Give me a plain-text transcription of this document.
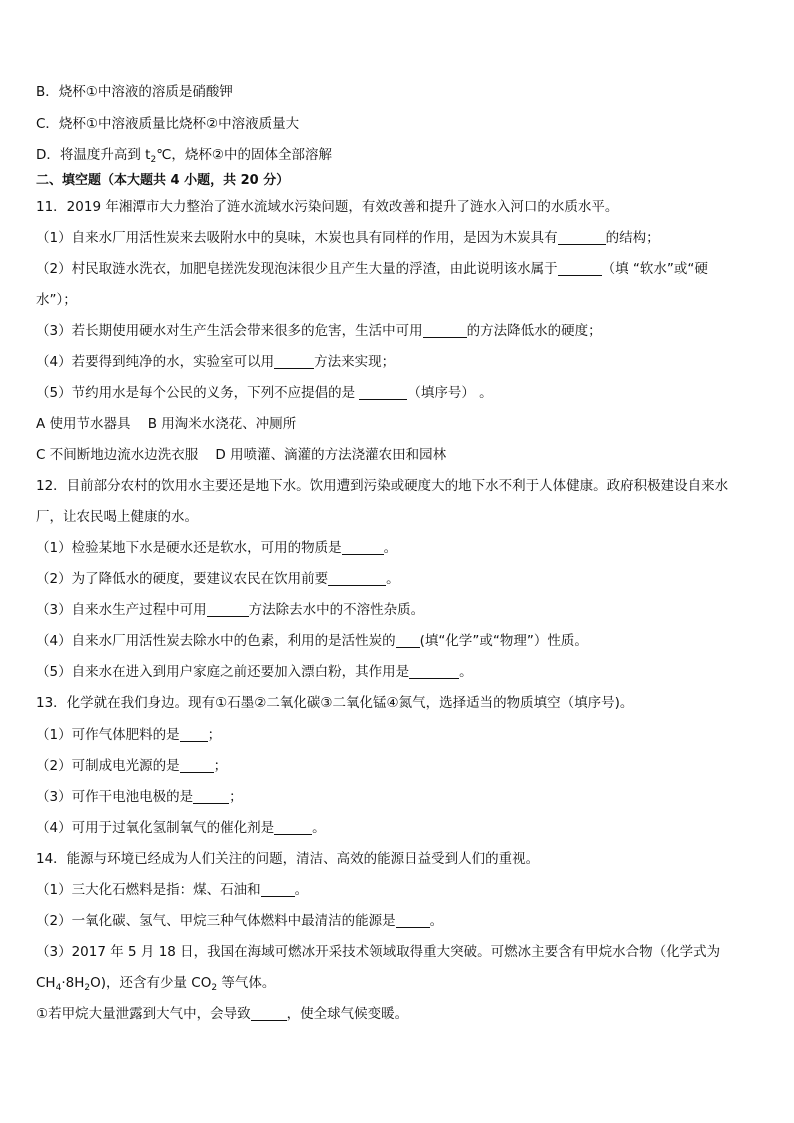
B．烧杯①中溶液的溶质是硝酸钾
C．烧杯①中溶液质量比烧杯②中溶液质量大
D．将温度升高到 $t_2℃$，烧杯②中的固体全部溶解
二、填空题（本大题共 4 小题，共 20 分）
11．2019 年湘潭市大力整治了涟水流域水污染问题，有效改善和提升了涟水入河口的水质水平。
（1）自来水厂用活性炭来去吸附水中的臭味，木炭也具有同样的作用，是因为木炭具有	的结构；
（2）村民取涟水洗衣，加肥皂搓洗发现泡沫很少且产生大量的浮渣，由此说明该水属于	（填 “软水”或“硬
水”）；
（3）若长期使用硬水对生产生活会带来很多的危害，生活中可用	的方法降低水的硬度；
（4）若要得到纯净的水，实验室可以用	方法来实现；
（5）节约用水是每个公民的义务，下列不应提倡的是	（填序号） 。
A 使用节水器具    B 用淘米水浇花、冲厕所
C 不间断地边流水边洗衣服    D 用喷灌、滴灌的方法浇灌农田和园林
12．目前部分农村的饮用水主要还是地下水。饮用遭到污染或硬度大的地下水不利于人体健康。政府积极建设自来水
厂，让农民喝上健康的水。
（1）检验某地下水是硬水还是软水，可用的物质是	。
（2）为了降低水的硬度，要建议农民在饮用前要	。
（3）自来水生产过程中可用	方法除去水中的不溶性杂质。
（4）自来水厂用活性炭去除水中的色素，利用的是活性炭的 (填“化学”或“物理”）性质。
（5）自来水在进入到用户家庭之前还要加入漂白粉，其作用是	。
13．化学就在我们身边。现有①石墨②二氧化碳③二氧化锰④氮气，选择适当的物质填空（填序号)。
（1）可作气体肥料的是 ；
（2）可制成电光源的是	；
（3）可作干电池电极的是	；
（4）可用于过氧化氢制氧气的催化剂是	。
14．能源与环境已经成为人们关注的问题，清洁、高效的能源日益受到人们的重视。
（1）三大化石燃料是指：煤、石油和	。
（2）一氧化碳、氢气、甲烷三种气体燃料中最清洁的能源是	。
（3）2017 年 5 月 18 日，我国在海域可燃冰开采技术领域取得重大突破。可燃冰主要含有甲烷水合物（化学式为
$CH_4\cdot 8H_2O$)，还含有少量 $CO_2$ 等气体。
①若甲烷大量泄露到大气中，会导致	，使全球气候变暖。
